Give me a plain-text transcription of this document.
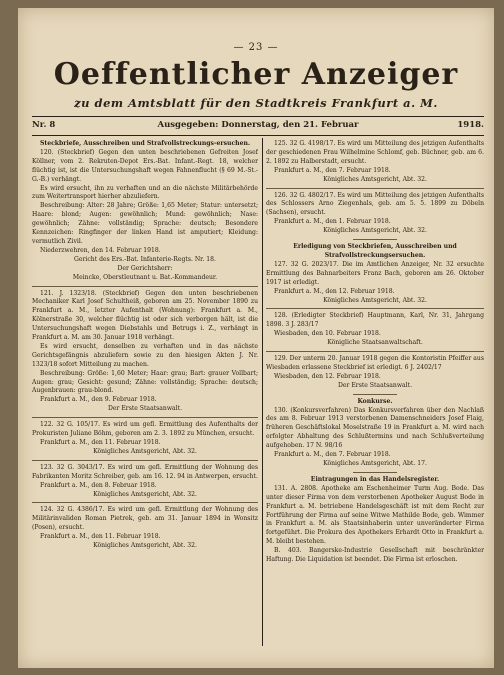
— 23 —
Oeffentlicher Anzeiger
zu dem Amtsblatt für den Stadtkreis Frankfurt a. M.
Nr. 8	Ausgegeben: Donnerstag, den 21. Februar	1918.
Steckbriefe, Ausschreiben und Strafvollstreckungs-ersuchen.
120. (Steckbrief) Gegen den unten beschriebenen Gefreiten Josef Köllner, vom 2. Rekruten-Depot Ers.-Bat. Infant.-Regt. 18, welcher flüchtig ist, ist die Untersuchungshaft wegen Fahnenflucht (§ 69 M.-St.-G.-B.) verhängt.
Es wird ersucht, ihn zu verhaften und an die nächste Militärbehörde zum Weitertransport hierher abzuliefern.
Beschreibung: Alter: 28 Jahre; Größe: 1,65 Meter; Statur: untersetzt; Haare: blond; Augen: gewöhnlich; Mund: gewöhnlich; Nase: gewöhnlich; Zähne: vollständig; Sprache: deutsch; Besondere Kennzeichen: Ringfinger der linken Hand ist amputiert; Kleidung: vermutlich Zivil.
Niederzwehren, den 14. Februar 1918.
Gericht des Ers.-Bat. Infanterie-Regts. Nr. 18.
Der Gerichtsherr:
Meincke, Oberstleutnant u. Bat.-Kommandeur.
121. J. 1323/18. (Steckbrief) Gegen den unten beschriebenen Mechaniker Karl Josef Schultheiß, geboren am 25. November 1890 zu Frankfurt a. M., letzter Aufenthalt (Wohnung): Frankfurt a. M., Kölnerstraße 30, welcher flüchtig ist oder sich verborgen hält, ist die Untersuchungshaft wegen Diebstahls und Betrugs i. Z., verhängt in Frankfurt a. M. am 30. Januar 1918 verhängt.
Es wird ersucht, denselben zu verhaften und in das nächste Gerichtsgefängnis abzuliefern sowie zu den hiesigen Akten J. Nr. 1323/18 sofort Mitteilung zu machen.
Beschreibung: Größe: 1,60 Meter; Haar: grau; Bart: grauer Vollbart; Augen: grau; Gesicht: gesund; Zähne: vollständig; Sprache: deutsch; Augenbrauen: grau-blond.
Frankfurt a. M., den 9. Februar 1918.
Der Erste Staatsanwalt.
122. 32 G. 105/17. Es wird um gefl. Ermittlung des Aufenthalts der Prokuristen Juliane Böhm, geboren am 2. 3. 1892 zu München, ersucht.
Frankfurt a. M., den 11. Februar 1918.
Königliches Amtsgericht, Abt. 32.
123. 32 G. 3043/17. Es wird um gefl. Ermittlung der Wohnung des Fabrikanten Moritz Schreiber, geb. am 16. 12. 94 in Antwerpen, ersucht.
Frankfurt a. M., den 8. Februar 1918.
Königliches Amtsgericht, Abt. 32.
124. 32 G. 4386/17. Es wird um gefl. Ermittlung der Wohnung des Militärinvaliden Roman Pietrek, geb. am 31. Januar 1894 in Wonsitz (Posen), ersucht.
Frankfurt a. M., den 11. Februar 1918.
Königliches Amtsgericht, Abt. 32.
125. 32 G. 4198/17. Es wird um Mitteilung des jetzigen Aufenthalts der geschiedenen Frau Wilhelmine Schlomf, geb. Büchner, geb. am 6. 2. 1892 zu Halberstadt, ersucht.
Frankfurt a. M., den 7. Februar 1918.
Königliches Amtsgericht, Abt. 32.
126. 32 G. 4802/17. Es wird um Mitteilung des jetzigen Aufenthalts des Schlossers Arno Ziegenhals, geb. am 5. 5. 1899 zu Döbeln (Sachsen), ersucht.
Frankfurt a. M., den 1. Februar 1918.
Königliches Amtsgericht, Abt. 32.
Erledigung von Steckbriefen, Ausschreiben und Strafvollstreckungsersuchen.
127. 32 G. 2023/17. Die im Amtlichen Anzeiger, Nr. 32 ersuchte Ermittlung des Bahnarbeiters Franz Bach, geboren am 26. Oktober 1917 ist erledigt.
Frankfurt a. M., den 12. Februar 1918.
Königliches Amtsgericht, Abt. 32.
128. (Erledigter Steckbrief) Hauptmann, Karl, Nr. 31, Jahrgang 1898. 3 J. 283/17
Wiesbaden, den 10. Februar 1918.
Königliche Staatsanwaltschaft.
129. Der unterm 20. Januar 1918 gegen die Kontoristin Pfeiffer aus Wiesbaden erlassene Steckbrief ist erledigt. 6 J. 2402/17
Wiesbaden, den 12. Februar 1918.
Der Erste Staatsanwalt.
Konkurse.
130. (Konkursverfahren) Das Konkursverfahren über den Nachlaß des am 8. Februar 1913 verstorbenen Damenschneiders Josef Flaig, früheren Geschäftslokal Moselstraße 19 in Frankfurt a. M. wird nach erfolgter Abhaltung des Schlußtermins und nach Schlußverteilung aufgehoben. 17 N. 98/16
Frankfurt a. M., den 7. Februar 1918.
Königliches Amtsgericht, Abt. 17.
Eintragungen in das Handelsregister.
131. A. 2808. Apotheke am Eschenheimer Turm Aug. Bode. Das unter dieser Firma von dem verstorbenen Apotheker August Bode in Frankfurt a. M. betriebene Handelsgeschäft ist mit dem Recht zur Fortführung der Firma auf seine Witwe Mathilde Bode, geb. Wimmer in Frankfurt a. M. als Staatsinhaberin unter unveränderter Firma fortgeführt. Die Prokura des Apothekers Erhardt Otto in Frankfurt a. M. bleibt bestehen.
B. 403. Bangerske-Industrie Gesellschaft mit beschränkter Haftung. Die Liquidation ist beendet. Die Firma ist erloschen.
